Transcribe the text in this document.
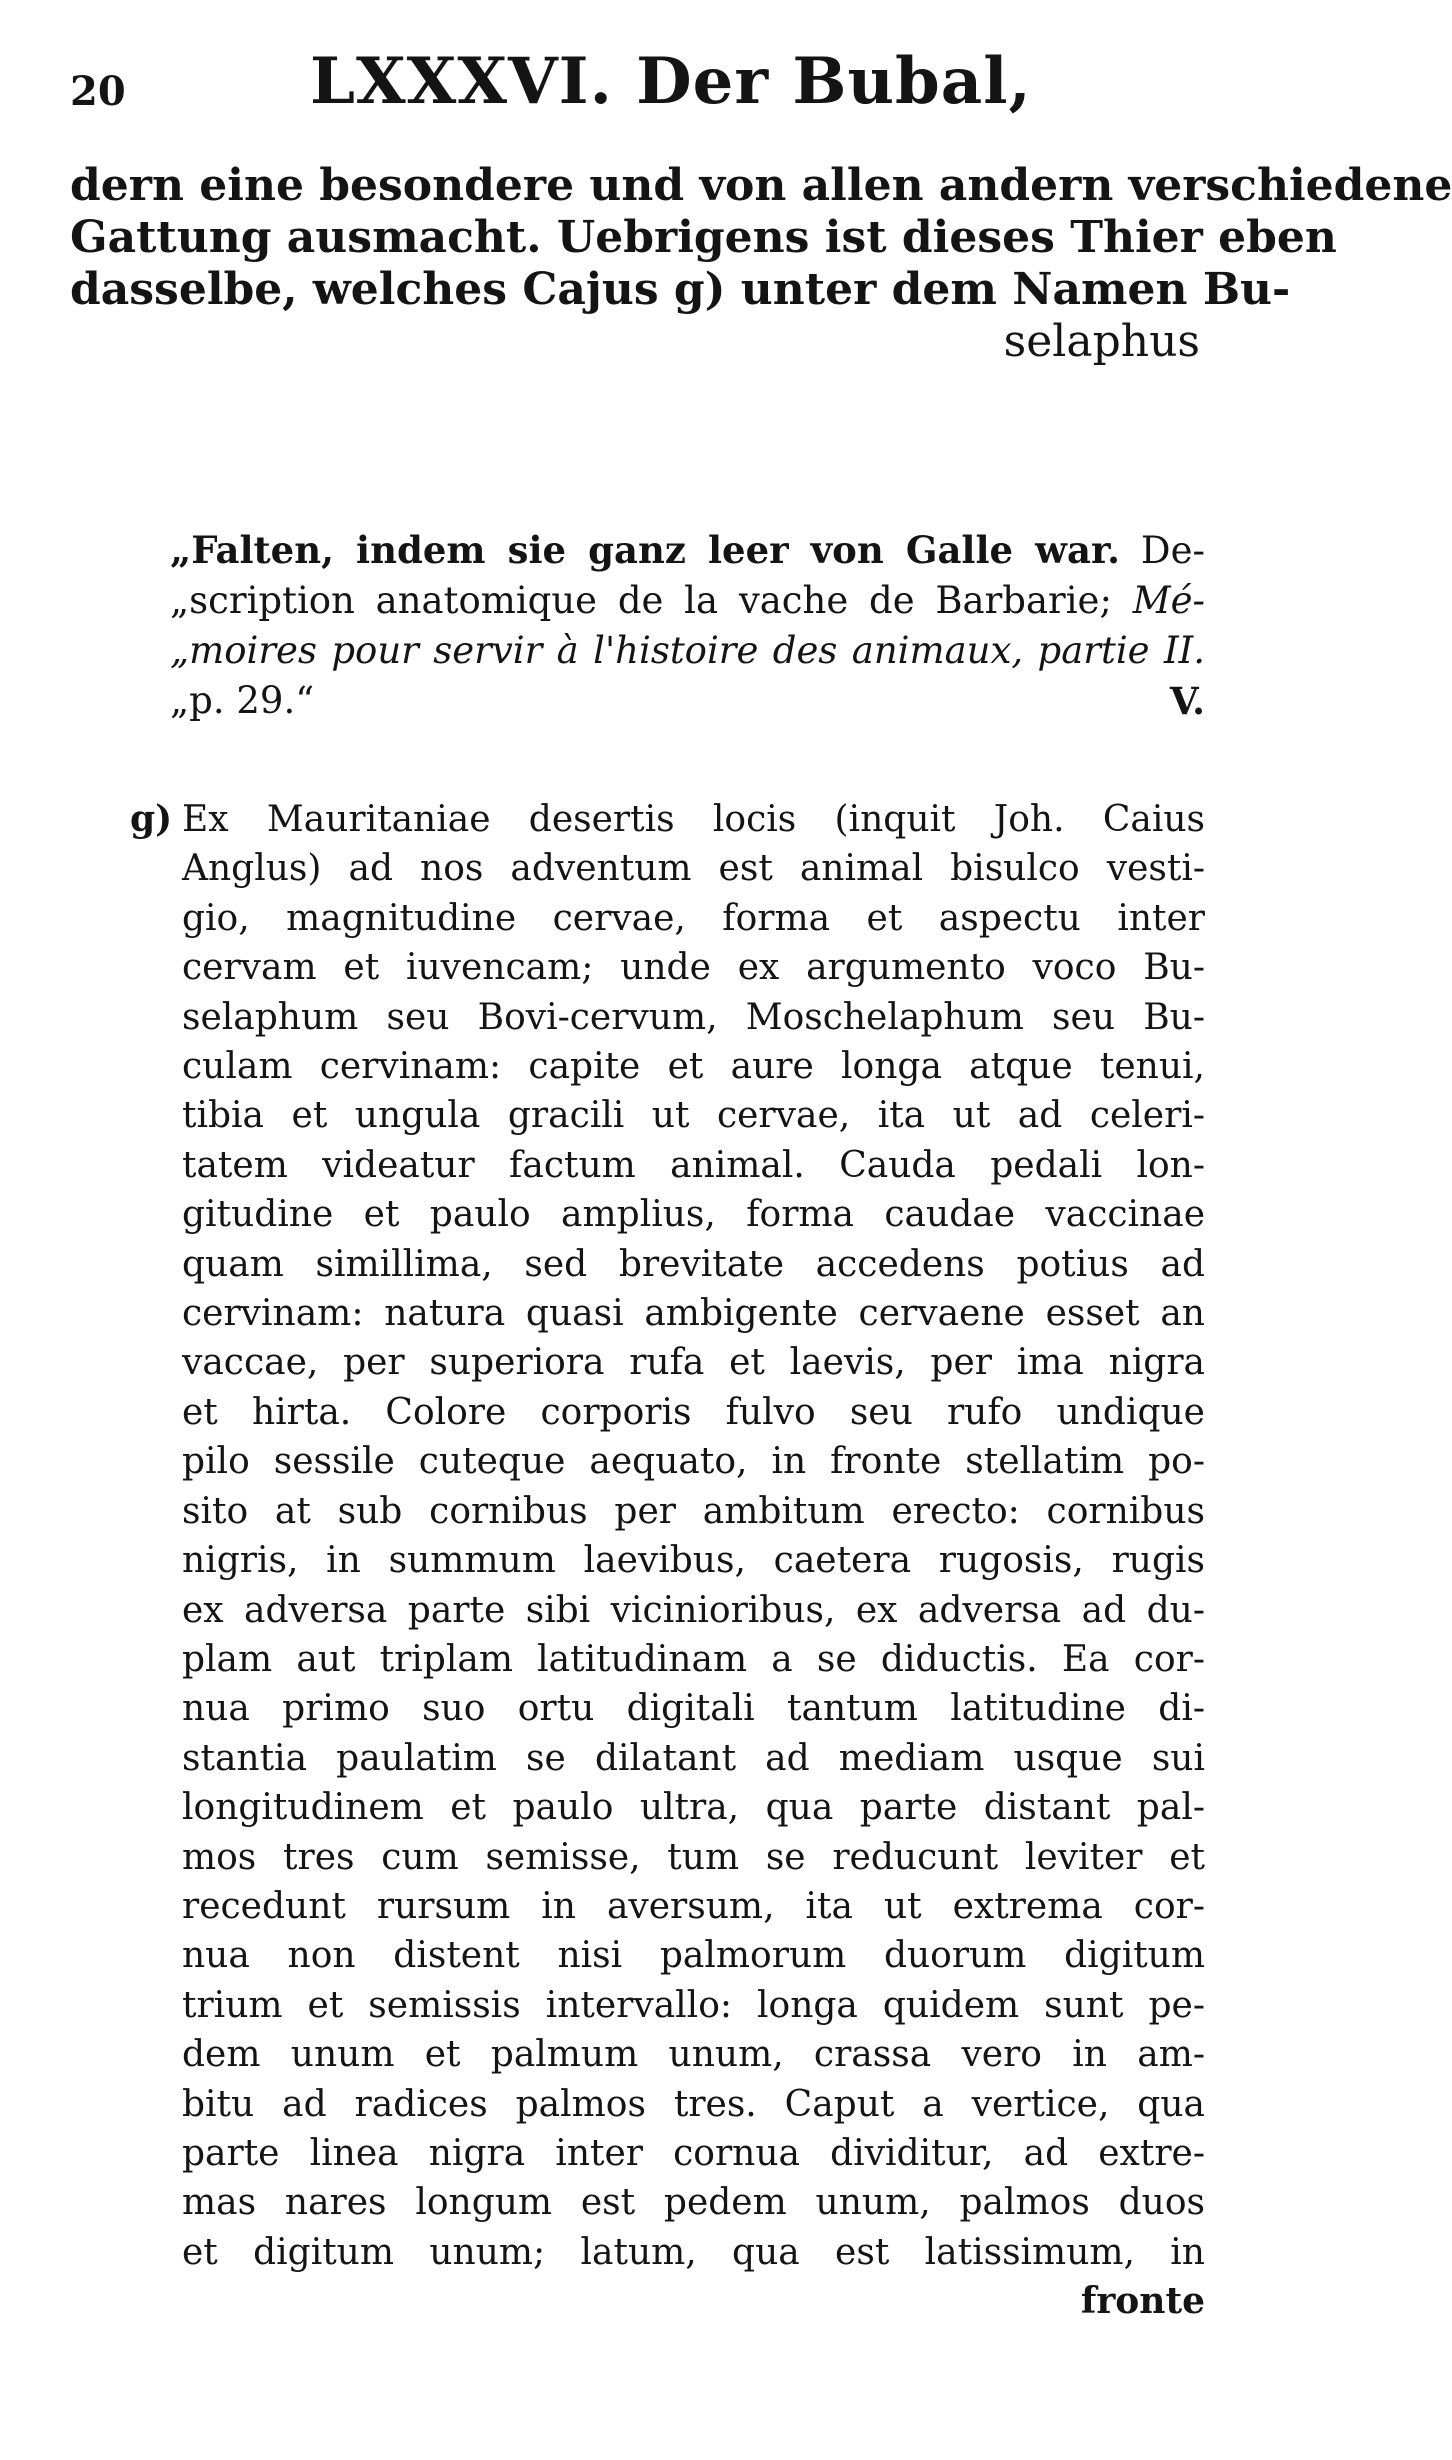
20	LXXXVI. Der Bubal,
dern eine besondere und von allen andern verschiedene
Gattung ausmacht. Uebrigens ist dieses Thier eben
dasselbe, welches Cajus g) unter dem Namen Bu-
selaphus
„Falten, indem sie ganz leer von Galle war. De-
„scription anatomique de la vache de Barbarie; Mé-
„moires pour servir à l'histoire des animaux, partie II.
„p. 29.“	V.
g) Ex Mauritaniae desertis locis (inquit Joh. Caius
Anglus) ad nos adventum est animal bisulco vesti-
gio, magnitudine cervae, forma et aspectu inter
cervam et iuvencam; unde ex argumento voco Bu-
selaphum seu Bovi-cervum, Moschelaphum seu Bu-
culam cervinam: capite et aure longa atque tenui,
tibia et ungula gracili ut cervae, ita ut ad celeri-
tatem videatur factum animal. Cauda pedali lon-
gitudine et paulo amplius, forma caudae vaccinae
quam simillima, sed brevitate accedens potius ad
cervinam: natura quasi ambigente cervaene esset an
vaccae, per superiora rufa et laevis, per ima nigra
et hirta. Colore corporis fulvo seu rufo undique
pilo sessile cuteque aequato, in fronte stellatim po-
sito at sub cornibus per ambitum erecto: cornibus
nigris, in summum laevibus, caetera rugosis, rugis
ex adversa parte sibi vicinioribus, ex adversa ad du-
plam aut triplam latitudinam a se diductis. Ea cor-
nua primo suo ortu digitali tantum latitudine di-
stantia paulatim se dilatant ad mediam usque sui
longitudinem et paulo ultra, qua parte distant pal-
mos tres cum semisse, tum se reducunt leviter et
recedunt rursum in aversum, ita ut extrema cor-
nua non distent nisi palmorum duorum digitum
trium et semissis intervallo: longa quidem sunt pe-
dem unum et palmum unum, crassa vero in am-
bitu ad radices palmos tres. Caput a vertice, qua
parte linea nigra inter cornua dividitur, ad extre-
mas nares longum est pedem unum, palmos duos
et digitum unum; latum, qua est latissimum, in
fronte
